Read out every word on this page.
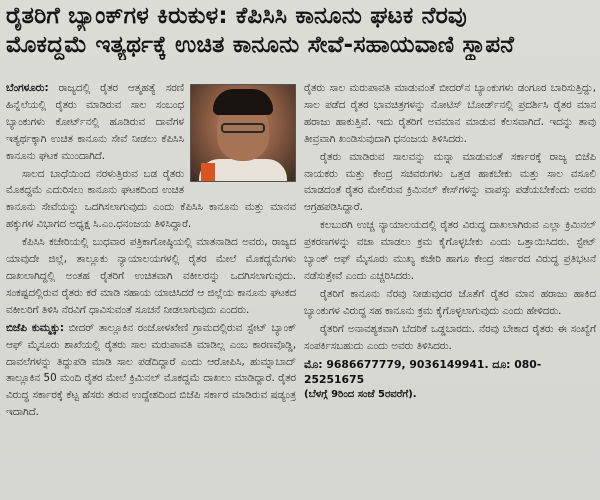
ರೈತರಿಗೆ ಬ್ಯಾಂಕ್‌ಗಳ ಕಿರುಕುಳ: ಕೆಪಿಸಿಸಿ ಕಾನೂನು ಘಟಕ ನೆರವು
ಮೊಕದ್ದಮೆ ಇತ್ಯರ್ಥಕ್ಕೆ ಉಚಿತ ಕಾನೂನು ಸೇವೆ-ಸಹಾಯವಾಣಿ ಸ್ಥಾಪನೆ

ಬೆಂಗಳೂರು: ರಾಜ್ಯದಲ್ಲಿ ರೈತರ ಆತ್ಮಹತ್ಯೆ ಸರಣಿ ಹಿನ್ನೆಲೆಯಲ್ಲಿ ರೈತರು ಮಾಡಿರುವ ಸಾಲ ಸಂಬಂಧ ಬ್ಯಾಂಕುಗಳು ಕೋರ್ಟ್‌ನಲ್ಲಿ ಹೂಡಿರುವ ದಾವೆಗಳ ಇತ್ಯರ್ಥಕ್ಕಾಗಿ ಉಚಿತ ಕಾನೂನು ಸೇವೆ ನೀಡಲು ಕೆಪಿಸಿಸಿ ಕಾನೂನು ಘಟಕ ಮುಂದಾಗಿದೆ.

ಸಾಲದ ಬಾಧೆಯಿಂದ ನರಳುತ್ತಿರುವ ಬಡ ರೈತರು ಮೊಕದ್ದಮೆ ಎದುರಿಸಲು ಕಾನೂನು ಘಟಕದಿಂದ ಉಚಿತ ಕಾನೂನು ಸೇವೆಯನ್ನು ಒದಗಿಸಲಾಗುವುದು ಎಂದು ಕೆಪಿಸಿಸಿ ಕಾನೂನು ಮತ್ತು ಮಾನವ ಹಕ್ಕುಗಳ ವಿಭಾಗದ ಅಧ್ಯಕ್ಷ ಸಿ.ಎಂ.ಧನಂಜಯ ತಿಳಿಸಿದ್ದಾರೆ.

ಕೆಪಿಸಿಸಿ ಕಚೇರಿಯಲ್ಲಿ ಬುಧವಾರ ಪತ್ರಿಕಾಗೋಷ್ಠಿಯಲ್ಲಿ ಮಾತನಾಡಿದ ಅವರು, ರಾಜ್ಯದ ಯಾವುದೇ ಜಿಲ್ಲೆ, ತಾಲ್ಲೂಕು ನ್ಯಾಯಾಲಯಗಳಲ್ಲಿ ರೈತರ ಮೇಲೆ ಮೊಕದ್ದಮೆಗಳು ದಾಖಲಾಗಿದ್ದಲ್ಲಿ ಅಂತಹ ರೈತರಿಗೆ ಉಚಿತವಾಗಿ ವಕೀಲರನ್ನು ಒದಗಿಸಲಾಗುವುದು. ಸಂಕಷ್ಟದಲ್ಲಿರುವ ರೈತರು ಕರೆ ಮಾಡಿ ಸಹಾಯ ಯಾಚಿಸಿದರೆ ಆ ಜಿಲ್ಲೆಯ ಕಾನೂನು ಘಟಕದ ವಕೀಲರಿಗೆ ತಿಳಿಸಿ ನೆರವಿಗೆ ಧಾವಿಸುವಂತೆ ಸೂಚನೆ ನೀಡಲಾಗುವುದು ಎಂದರು.

ಬಿಜೆಪಿ ಕುಮ್ಮಕ್ಕು: ಬೀದರ್ ತಾಲ್ಲೂಕಿನ ರಂಜೋಳಖೇಣಿ ಗ್ರಾಮದಲ್ಲಿರುವ ಸ್ಟೇಟ್ ಬ್ಯಾಂಕ್ ಆಫ್ ಮೈಸೂರು ಶಾಖೆಯಲ್ಲಿ ರೈತರು ಸಾಲ ಮರುಪಾವತಿ ಮಾಡಿಲ್ಲ ಎಂಬ ಕಾರಣವೊಡ್ಡಿ, ದಾವಲೆಗಳನ್ನು ತಿದ್ದುಪಡಿ ಮಾಡಿ ಸಾಲ ಪಡೆದಿದ್ದಾರೆ ಎಂದು ಆರೋಪಿಸಿ, ಹುಮ್ನಾಬಾದ್ ತಾಲ್ಲೂಕಿನ 50 ಮಂದಿ ರೈತರ ಮೇಲೆ ಕ್ರಿಮಿನಲ್ ಮೊಕದ್ದಮೆ ದಾಖಲು ಮಾಡಿದ್ದಾರೆ. ರೈತರ ವಿರುದ್ಧ ಸರ್ಕಾರಕ್ಕೆ ಕೆಟ್ಟ ಹೆಸರು ತರುವ ಉದ್ದೇಶದಿಂದ ಬಿಜೆಪಿ ಸರ್ಕಾರ ಮಾಡಿರುವ ಷಡ್ಯಂತ್ರ ಇದಾಗಿದೆ.

ರೈತರು ಸಾಲ ಮರುಪಾವತಿ ಮಾಡುವಂತೆ ಬೀದರ್‌ನ ಬ್ಯಾಂಕುಗಳು ಡಂಗೂರ ಬಾರಿಸುತ್ತಿದ್ದು, ಸಾಲ ಪಡೆದ ರೈತರ ಭಾವಚಿತ್ರಗಳನ್ನು ನೋಟಿಸ್ ಬೋರ್ಡ್‌ನಲ್ಲಿ ಪ್ರದರ್ಶಿಸಿ ರೈತರ ಮಾನ ಹರಾಜು ಹಾಕುತ್ತಿವೆ. ಇದು ರೈತರಿಗೆ ಅವಮಾನ ಮಾಡುವ ಕೆಲಸವಾಗಿದೆ. ಇದನ್ನು ತಾವು ತೀವ್ರವಾಗಿ ಖಂಡಿಸುವುದಾಗಿ ಧನಂಜಯ ತಿಳಿಸಿದರು.

ರೈತರು ಮಾಡಿರುವ ಸಾಲವನ್ನು ಮನ್ನಾ ಮಾಡುವಂತೆ ಸರ್ಕಾರಕ್ಕೆ ರಾಜ್ಯ ಬಿಜೆಪಿ ನಾಯಕರು ಮತ್ತು ಕೇಂದ್ರ ಸಚಿವರುಗಳು ಒತ್ತಡ ಹಾಕಬೇಕು ಮತ್ತು ಸಾಲ ವಸೂಲಿ ಮಾಡದಂತೆ ರೈತರ ಮೇಲಿರುವ ಕ್ರಿಮಿನಲ್ ಕೇಸ್‌ಗಳನ್ನು ವಾಪಸ್ಸು ಪಡೆಯಬೇಕೆಂದು ಅವರು ಆಗ್ರಹಪಡಿಸಿದ್ದಾರೆ.

ಕಲಬುರಗಿ ಉಚ್ಚ ನ್ಯಾಯಾಲಯದಲ್ಲಿ ರೈತರ ವಿರುದ್ಧ ದಾಖಲಾಗಿರುವ ಎಲ್ಲಾ ಕ್ರಿಮಿನಲ್ ಪ್ರಕರಣಗಳನ್ನು ವಜಾ ಮಾಡಲು ಕ್ರಮ ಕೈಗೊಳ್ಳಬೇಕು ಎಂದು ಒತ್ತಾಯಿಸಿದರು. ಸ್ಟೇಟ್ ಬ್ಯಾಂಕ್ ಆಫ್ ಮೈಸೂರು ಮುಖ್ಯ ಕಚೇರಿ ಹಾಗೂ ಕೇಂದ್ರ ಸರ್ಕಾರದ ವಿರುದ್ಧ ಪ್ರತಿಭಟನೆ ನಡೆಸುತ್ತೇವೆ ಎಂದು ಎಚ್ಚರಿಸಿದರು.

ರೈತರಿಗೆ ಕಾನೂನು ನೆರವು ನೀಡುವುದರ ಜೊತೆಗೆ ರೈತರ ಮಾನ ಹರಾಜು ಹಾಕಿದ ಬ್ಯಾಂಕುಗಳ ವಿರುದ್ಧ ಸಹ ಕಾನೂನು ಕ್ರಮ ಕೈಗೊಳ್ಳಲಾಗುವುದು ಎಂದು ಹೇಳಿದರು.

ರೈತರಿಗೆ ಅನಾವಶ್ಯಕವಾಗಿ ಬೆದರಿಕೆ ಒಡ್ಡಬಾರದು. ನೆರವು ಬೇಕಾದ ರೈತರು ಈ ಸಂಖ್ಯೆಗೆ ಸಂಪರ್ಕಿಸಬಹುದು ಎಂದು ಅವರು ತಿಳಿಸಿದರು.

ಮೊ: 9686677779, 9036149941. ದೂ: 080-25251675
(ಬೆಳಗ್ಗೆ 9ರಿಂದ ಸಂಜೆ 5ರವರೆಗೆ).
